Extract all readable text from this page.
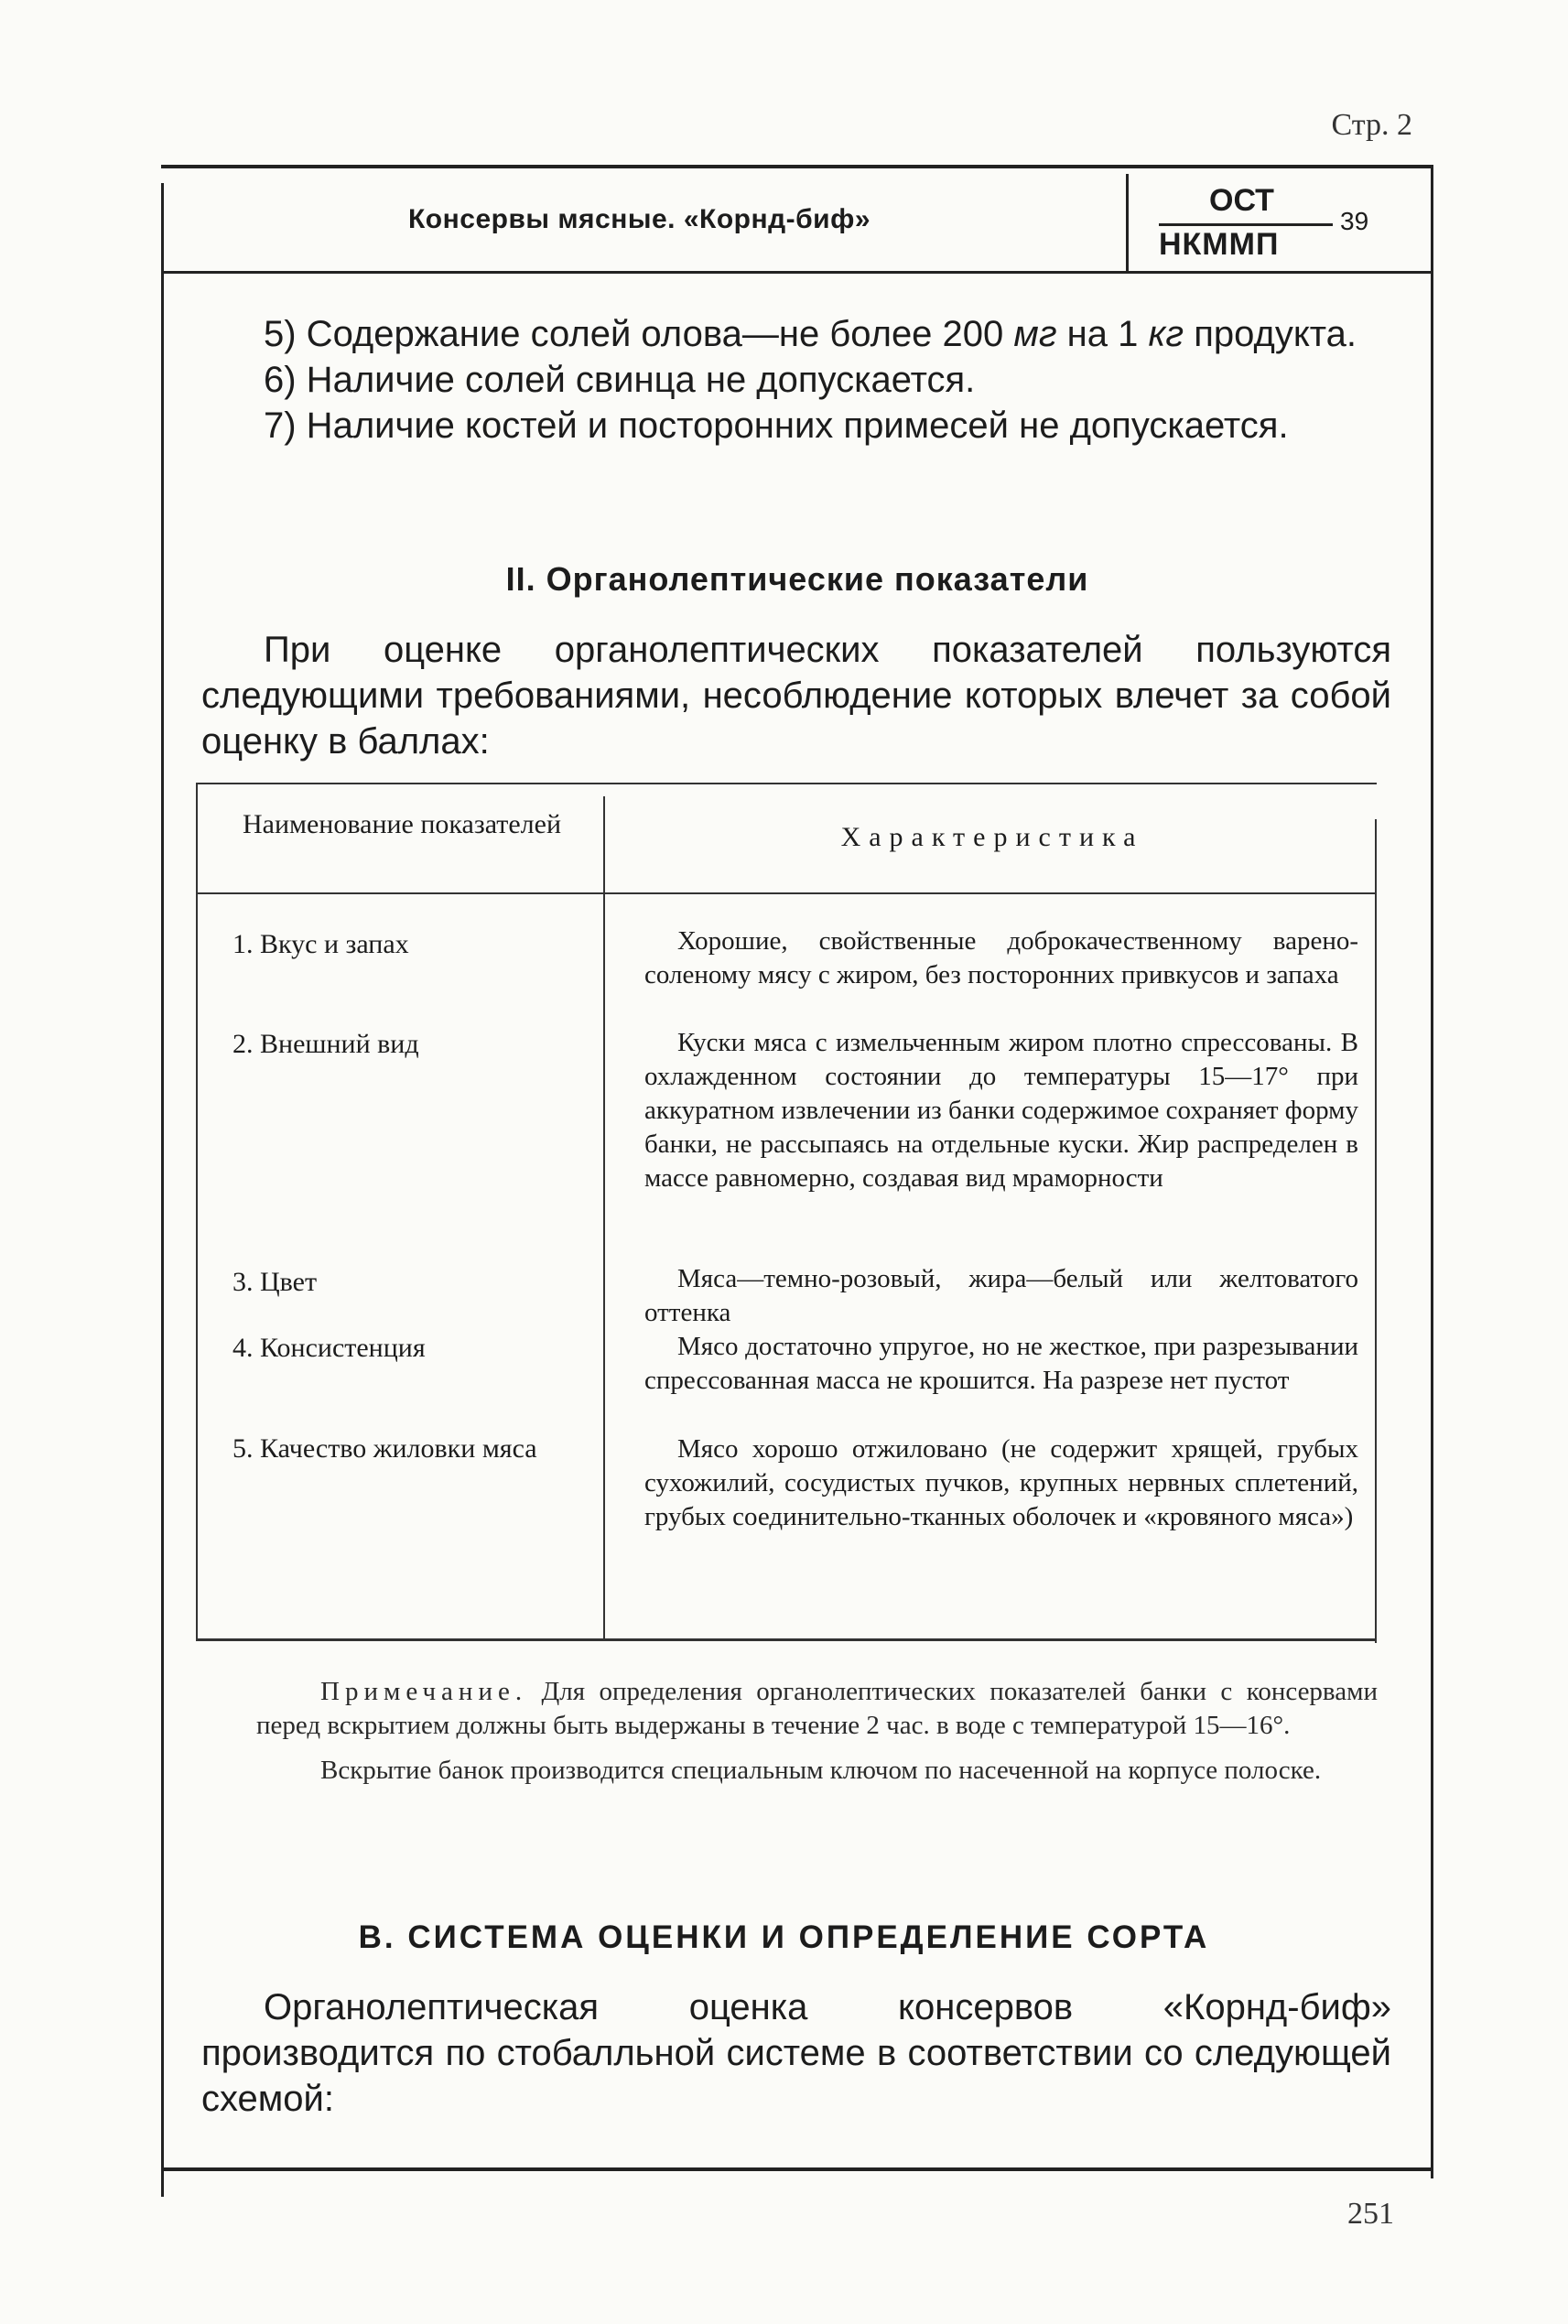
Стр. 2
Консервы мясные. «Корнд-биф»
ОСТ
НКММП
39

5) Содержание солей олова—не более 200 мг на 1 кг продукта.

6) Наличие солей свинца не допускается.

7) Наличие костей и посторонних примесей не допускается.

II. Органолептические показатели

При оценке органолептических показателей пользуются следующими требованиями, несоблюдение которых влечет за собой оценку в баллах:

Наименование показателей	Характеристика
1. Вкус и запах	Хорошие, свойственные доброкачественному варено-соленому мясу с жиром, без посторонних привкусов и запаха
2. Внешний вид	Куски мяса с измельченным жиром плотно спрессованы. В охлажденном состоянии до температуры 15—17° при аккуратном извлечении из банки содержимое сохраняет форму банки, не рассыпаясь на отдельные куски. Жир распределен в массе равномерно, создавая вид мраморности
3. Цвет	Мяса—темно-розовый, жира—белый или желтоватого оттенка
4. Консистенция	Мясо достаточно упругое, но не жесткое, при разрезывании спрессованная масса не крошится. На разрезе нет пустот
5. Качество жиловки мяса	Мясо хорошо отжиловано (не содержит хрящей, грубых сухожилий, сосудистых пучков, крупных нервных сплетений, грубых соединительно-тканных оболочек и «кровяного мяса»)

Примечание. Для определения органолептических показателей банки с консервами перед вскрытием должны быть выдержаны в течение 2 час. в воде с температурой 15—16°.

Вскрытие банок производится специальным ключом по насеченной на корпусе полоске.

В. СИСТЕМА ОЦЕНКИ И ОПРЕДЕЛЕНИЕ СОРТА

Органолептическая оценка консервов «Корнд-биф» производится по стобалльной системе в соответствии со следующей схемой:

251
